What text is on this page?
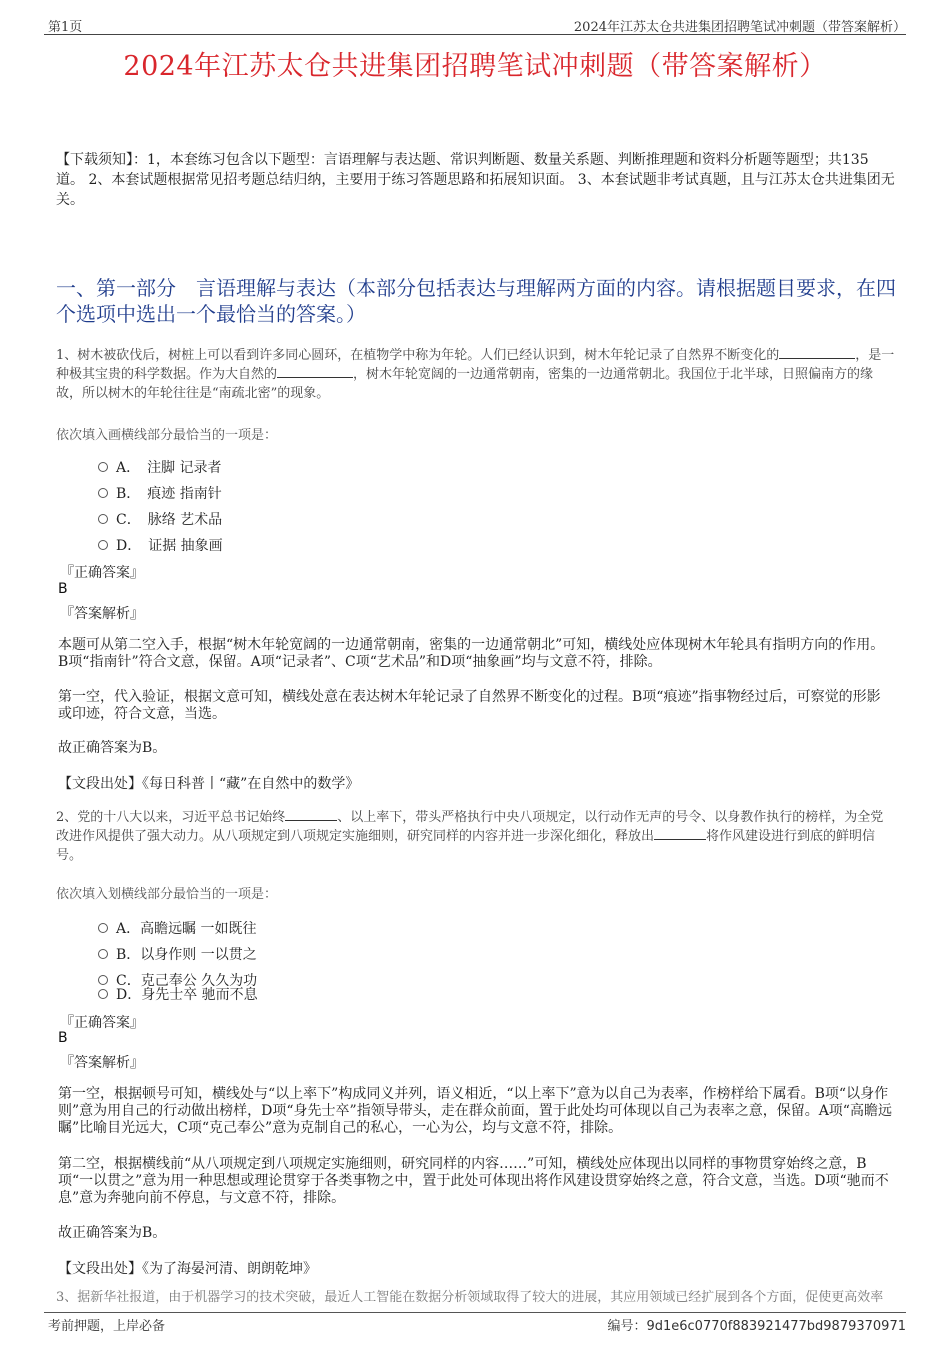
第1页	2024年江苏太仓共进集团招聘笔试冲刺题（带答案解析）
2024年江苏太仓共进集团招聘笔试冲刺题（带答案解析）
【下载须知】：1，本套练习包含以下题型：言语理解与表达题、常识判断题、数量关系题、判断推理题和资料分析题等题型；共135道。 2、本套试题根据常见招考题总结归纳，主要用于练习答题思路和拓展知识面。 3、本套试题非考试真题，且与江苏太仓共进集团无关。
一、第一部分　言语理解与表达（本部分包括表达与理解两方面的内容。请根据题目要求，在四个选项中选出一个最恰当的答案。）
1、树木被砍伐后，树桩上可以看到许多同心圆环，在植物学中称为年轮。人们已经认识到，树木年轮记录了自然界不断变化的	，是一种极其宝贵的科学数据。作为大自然的	，树木年轮宽阔的一边通常朝南，密集的一边通常朝北。我国位于北半球，日照偏南方的缘故，所以树木的年轮往往是“南疏北密”的现象。
依次填入画横线部分最恰当的一项是：
A．　注脚 记录者
B．　痕迹 指南针
C．　脉络 艺术品
D．　证据 抽象画
『正确答案』
B
『答案解析』
本题可从第二空入手，根据“树木年轮宽阔的一边通常朝南，密集的一边通常朝北”可知，横线处应体现树木年轮具有指明方向的作用。B项“指南针”符合文意，保留。A项“记录者”、C项“艺术品”和D项“抽象画”均与文意不符，排除。
第一空，代入验证，根据文意可知，横线处意在表达树木年轮记录了自然界不断变化的过程。B项“痕迹”指事物经过后，可察觉的形影或印迹，符合文意，当选。
故正确答案为B。
【文段出处】《每日科普丨“藏”在自然中的数学》
2、党的十八大以来，习近平总书记始终	、以上率下，带头严格执行中央八项规定，以行动作无声的号令、以身教作执行的榜样，为全党改进作风提供了强大动力。从八项规定到八项规定实施细则，研究同样的内容并进一步深化细化，释放出	将作风建设进行到底的鲜明信号。
依次填入划横线部分最恰当的一项是：
A．高瞻远瞩 一如既往
B．以身作则 一以贯之
C．克己奉公 久久为功
D．身先士卒 驰而不息
『正确答案』
B
『答案解析』
第一空，根据顿号可知，横线处与“以上率下”构成同义并列，语义相近，“以上率下”意为以自己为表率，作榜样给下属看。B项“以身作则”意为用自己的行动做出榜样，D项“身先士卒”指领导带头，走在群众前面，置于此处均可体现以自己为表率之意，保留。A项“高瞻远瞩”比喻目光远大，C项“克己奉公”意为克制自己的私心，一心为公，均与文意不符，排除。
第二空，根据横线前“从八项规定到八项规定实施细则，研究同样的内容……”可知，横线处应体现出以同样的事物贯穿始终之意，B项“一以贯之”意为用一种思想或理论贯穿于各类事物之中，置于此处可体现出将作风建设贯穿始终之意，符合文意，当选。D项“驰而不息”意为奔驰向前不停息，与文意不符，排除。
故正确答案为B。
【文段出处】《为了海晏河清、朗朗乾坤》
3、据新华社报道，由于机器学习的技术突破，最近人工智能在数据分析领域取得了较大的进展，其应用领域已经扩展到各个方面，促使更高效率
考前押题，上岸必备	编号：9d1e6c0770f883921477bd9879370971
